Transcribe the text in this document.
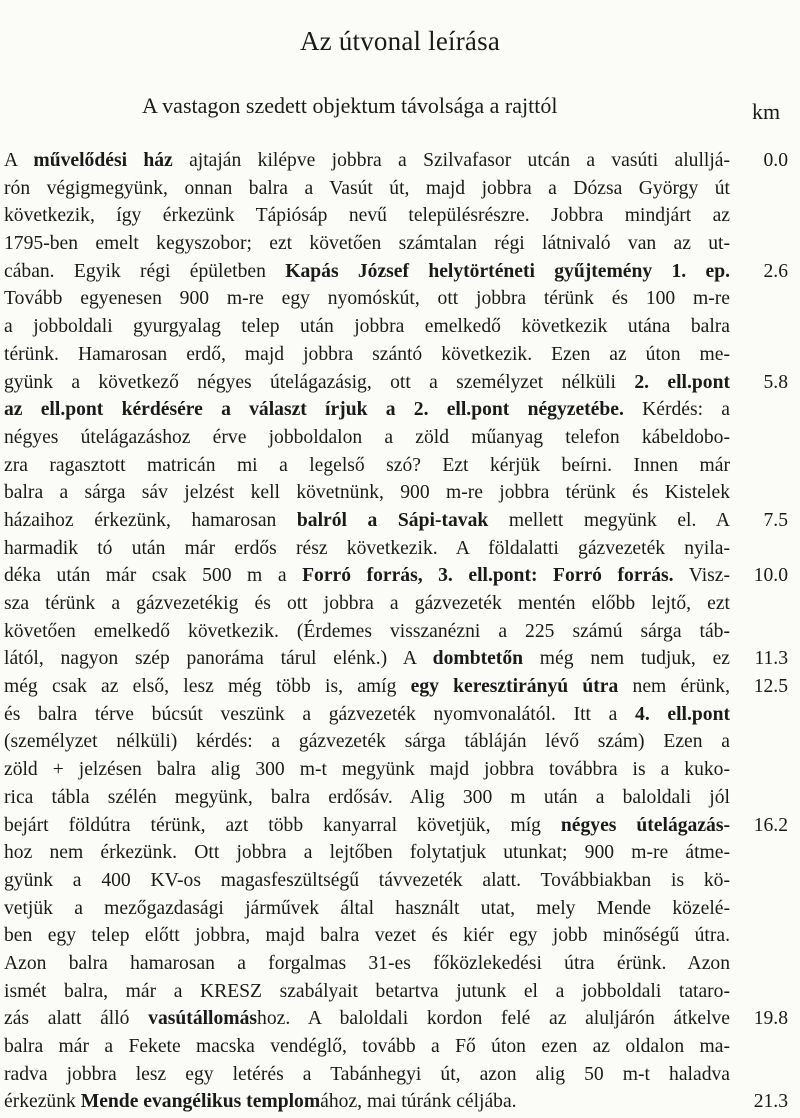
Az útvonal leírása
A vastagon szedett objektum távolsága a rajttól	km
A művelődési ház ajtaján kilépve jobbra a Szilvafasor utcán a vasúti alulljá- 0.0
rón végigmegyünk, onnan balra a Vasút út, majd jobbra a Dózsa György út
következik, így érkezünk Tápiósáp nevű településrészre. Jobbra mindjárt az
1795-ben emelt kegyszobor; ezt követően számtalan régi látnivaló van az ut-
cában. Egyik régi épületben Kapás József helytörténeti gyűjtemény 1. ep. 2.6
Tovább egyenesen 900 m-re egy nyomóskút, ott jobbra térünk és 100 m-re
a jobboldali gyurgyalag telep után jobbra emelkedő következik utána balra
térünk. Hamarosan erdő, majd jobbra szántó következik. Ezen az úton me-
gyünk a következő négyes útelágazásig, ott a személyzet nélküli 2. ell.pont 5.8
az ell.pont kérdésére a választ írjuk a 2. ell.pont négyzetébe. Kérdés: a
négyes útelágazáshoz érve jobboldalon a zöld műanyag telefon kábeldobo-
zra ragasztott matricán mi a legelső szó? Ezt kérjük beírni. Innen már
balra a sárga sáv jelzést kell követnünk, 900 m-re jobbra térünk és Kistelek
házaihoz érkezünk, hamarosan balról a Sápi-tavak mellett megyünk el. A 7.5
harmadik tó után már erdős rész következik. A földalatti gázvezeték nyila-
déka után már csak 500 m a Forró forrás, 3. ell.pont: Forró forrás. Visz- 10.0
sza térünk a gázvezetékig és ott jobbra a gázvezeték mentén előbb lejtő, ezt
követően emelkedő következik. (Érdemes visszanézni a 225 számú sárga táb-
lától, nagyon szép panoráma tárul elénk.) A dombtetőn még nem tudjuk, ez 11.3
még csak az első, lesz még több is, amíg egy keresztirányú útra nem érünk, 12.5
és balra térve búcsút veszünk a gázvezeték nyomvonalától. Itt a 4. ell.pont
(személyzet nélküli) kérdés: a gázvezeték sárga tábláján lévő szám) Ezen a
zöld + jelzésen balra alig 300 m-t megyünk majd jobbra továbbra is a kuko-
rica tábla szélén megyünk, balra erdősáv. Alig 300 m után a baloldali jól
bejárt földútra térünk, azt több kanyarral követjük, míg négyes útelágazás- 16.2
hoz nem érkezünk. Ott jobbra a lejtőben folytatjuk utunkat; 900 m-re átme-
gyünk a 400 KV-os magasfeszültségű távvezeték alatt. Továbbiakban is kö-
vetjük a mezőgazdasági járművek által használt utat, mely Mende közelé-
ben egy telep előtt jobbra, majd balra vezet és kiér egy jobb minőségű útra.
Azon balra hamarosan a forgalmas 31-es főközlekedési útra érünk. Azon
ismét balra, már a KRESZ szabályait betartva jutunk el a jobboldali tataro-
zás alatt álló vasútállomáshoz. A baloldali kordon felé az aluljárón átkelve 19.8
balra már a Fekete macska vendéglő, tovább a Fő úton ezen az oldalon ma-
radva jobbra lesz egy letérés a Tabánhegyi út, azon alig 50 m-t haladva
érkezünk Mende evangélikus templomához, mai túránk céljába.	21.3
